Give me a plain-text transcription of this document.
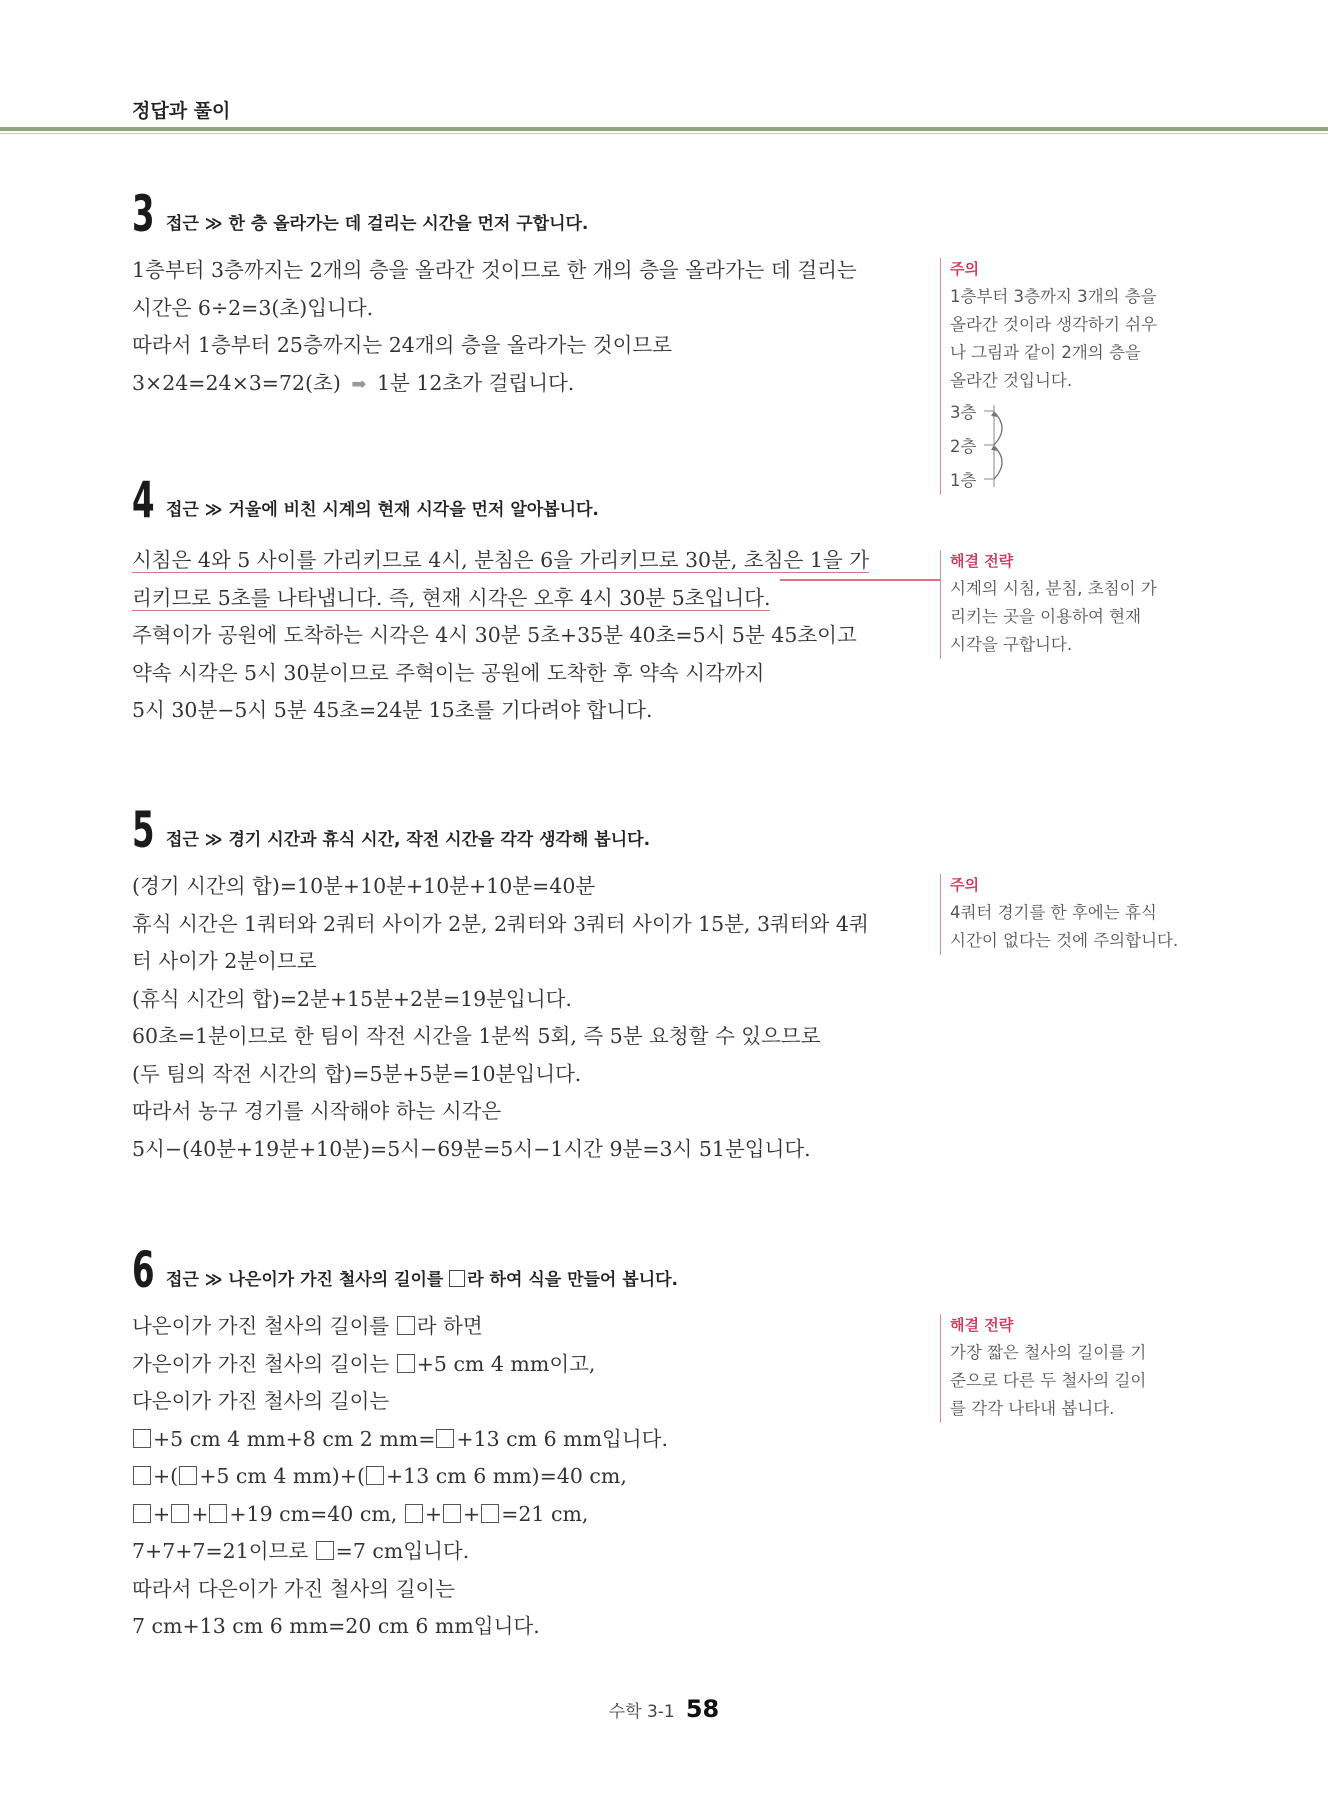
정답과 풀이
3 접근 ≫ 한 층 올라가는 데 걸리는 시간을 먼저 구합니다.
1층부터 3층까지는 2개의 층을 올라간 것이므로 한 개의 층을 올라가는 데 걸리는
시간은 6÷2=3(초)입니다.
따라서 1층부터 25층까지는 24개의 층을 올라가는 것이므로
3×24=24×3=72(초) ➡ 1분 12초가 걸립니다.
주의
1층부터 3층까지 3개의 층을
올라간 것이라 생각하기 쉬우
나 그림과 같이 2개의 층을
올라간 것입니다.
3층
2층
1층
4 접근 ≫ 거울에 비친 시계의 현재 시각을 먼저 알아봅니다.
시침은 4와 5 사이를 가리키므로 4시, 분침은 6을 가리키므로 30분, 초침은 1을 가
리키므로 5초를 나타냅니다. 즉, 현재 시각은 오후 4시 30분 5초입니다.
주혁이가 공원에 도착하는 시각은 4시 30분 5초+35분 40초=5시 5분 45초이고
약속 시각은 5시 30분이므로 주혁이는 공원에 도착한 후 약속 시각까지
5시 30분−5시 5분 45초=24분 15초를 기다려야 합니다.
해결 전략
시계의 시침, 분침, 초침이 가
리키는 곳을 이용하여 현재
시각을 구합니다.
5 접근 ≫ 경기 시간과 휴식 시간, 작전 시간을 각각 생각해 봅니다.
(경기 시간의 합)=10분+10분+10분+10분=40분
휴식 시간은 1쿼터와 2쿼터 사이가 2분, 2쿼터와 3쿼터 사이가 15분, 3쿼터와 4쿼
터 사이가 2분이므로
(휴식 시간의 합)=2분+15분+2분=19분입니다.
60초=1분이므로 한 팀이 작전 시간을 1분씩 5회, 즉 5분 요청할 수 있으므로
(두 팀의 작전 시간의 합)=5분+5분=10분입니다.
따라서 농구 경기를 시작해야 하는 시각은
5시−(40분+19분+10분)=5시−69분=5시−1시간 9분=3시 51분입니다.
주의
4쿼터 경기를 한 후에는 휴식
시간이 없다는 것에 주의합니다.
6 접근 ≫ 나은이가 가진 철사의 길이를 라 하여 식을 만들어 봅니다.
나은이가 가진 철사의 길이를 라 하면
가은이가 가진 철사의 길이는 +5 cm 4 mm이고,
다은이가 가진 철사의 길이는
+5 cm 4 mm+8 cm 2 mm= +13 cm 6 mm입니다.
+( +5 cm 4 mm)+( +13 cm 6 mm)=40 cm,
+ + +19 cm=40 cm, + + =21 cm,
7+7+7=21이므로 =7 cm입니다.
따라서 다은이가 가진 철사의 길이는
7 cm+13 cm 6 mm=20 cm 6 mm입니다.
해결 전략
가장 짧은 철사의 길이를 기
준으로 다른 두 철사의 길이
를 각각 나타내 봅니다.
수학 3-1 58
